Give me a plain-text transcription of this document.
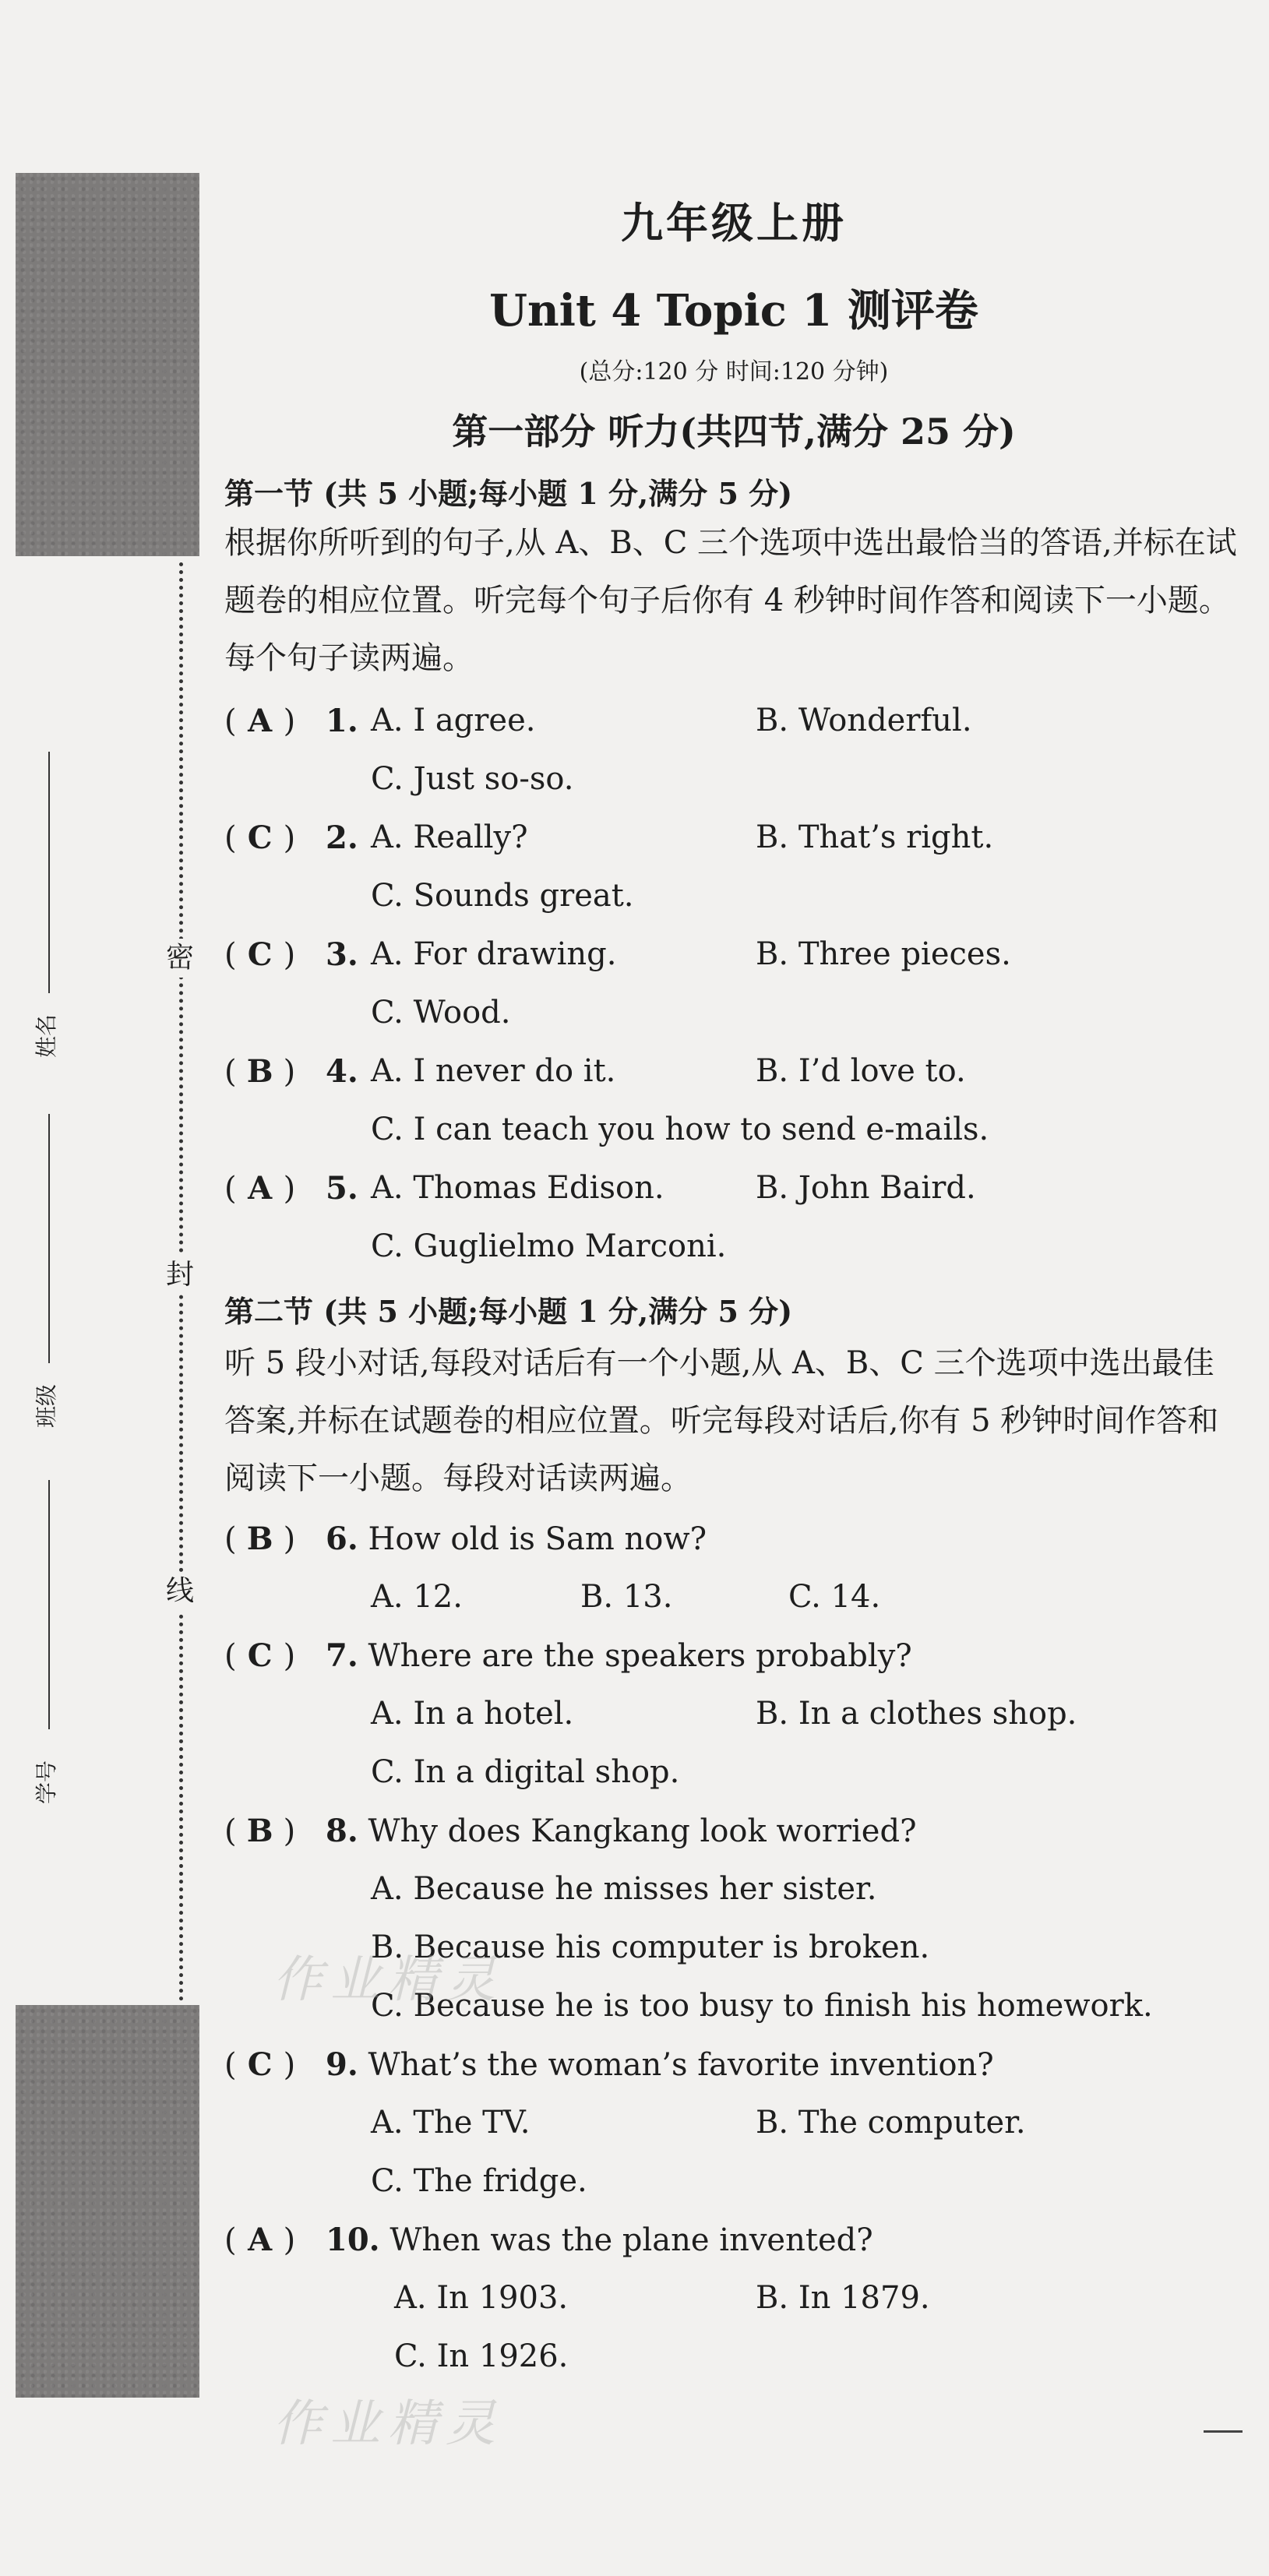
密
封
线
姓名
班级
学号
九年级上册
Unit 4 Topic 1 测评卷
(总分:120 分 时间:120 分钟)
第一部分 听力(共四节,满分 25 分)
第一节 (共 5 小题;每小题 1 分,满分 5 分)
根据你所听到的句子,从 A、B、C 三个选项中选出最恰当的答语,并标在试题卷的相应位置。听完每个句子后你有 4 秒钟时间作答和阅读下一小题。每个句子读两遍。
( A ) 1. A. I agree.	B. Wonderful.
C. Just so-so.
( C ) 2. A. Really?	B. That’s right.
C. Sounds great.
( C ) 3. A. For drawing.	B. Three pieces.
C. Wood.
( B ) 4. A. I never do it.	B. I’d love to.
C. I can teach you how to send e-mails.
( A ) 5. A. Thomas Edison.	B. John Baird.
C. Guglielmo Marconi.
第二节 (共 5 小题;每小题 1 分,满分 5 分)
听 5 段小对话,每段对话后有一个小题,从 A、B、C 三个选项中选出最佳答案,并标在试题卷的相应位置。听完每段对话后,你有 5 秒钟时间作答和阅读下一小题。每段对话读两遍。
( B ) 6. How old is Sam now?
A. 12.	B. 13.	C. 14.
( C ) 7. Where are the speakers probably?
A. In a hotel.	B. In a clothes shop.
C. In a digital shop.
( B ) 8. Why does Kangkang look worried?
A. Because he misses her sister.
B. Because his computer is broken.
C. Because he is too busy to finish his homework.
( C ) 9. What’s the woman’s favorite invention?
A. The TV.	B. The computer.
C. The fridge.
( A ) 10. When was the plane invented?
A. In 1903.	B. In 1879.
C. In 1926.
作业精灵
作业精灵
